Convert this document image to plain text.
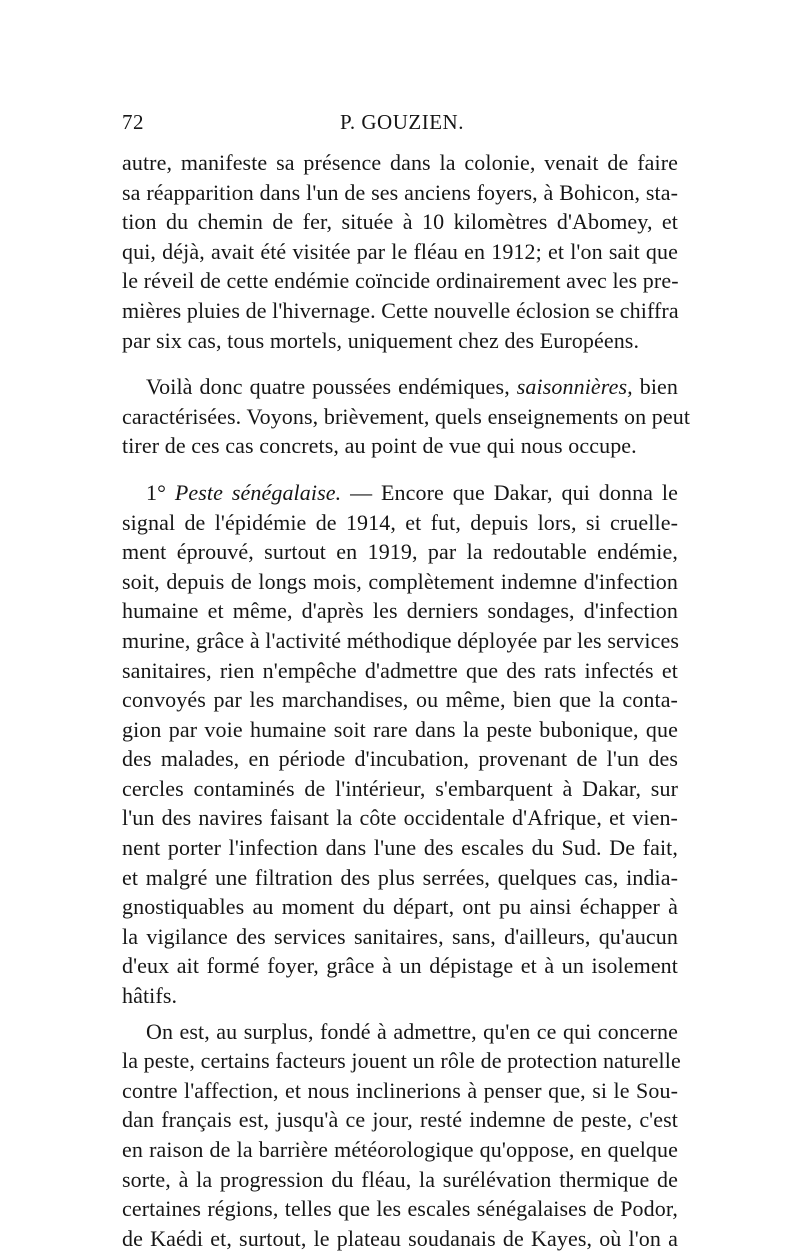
72	P. GOUZIEN.

autre, manifeste sa présence dans la colonie, venait de faire
sa réapparition dans l'un de ses anciens foyers, à Bohicon, sta-
tion du chemin de fer, située à 10 kilomètres d'Abomey, et
qui, déjà, avait été visitée par le fléau en 1912; et l'on sait que
le réveil de cette endémie coïncide ordinairement avec les pre-
mières pluies de l'hivernage. Cette nouvelle éclosion se chiffra
par six cas, tous mortels, uniquement chez des Européens.

Voilà donc quatre poussées endémiques, saisonnières, bien
caractérisées. Voyons, brièvement, quels enseignements on peut
tirer de ces cas concrets, au point de vue qui nous occupe.

1° Peste sénégalaise. — Encore que Dakar, qui donna le
signal de l'épidémie de 1914, et fut, depuis lors, si cruelle-
ment éprouvé, surtout en 1919, par la redoutable endémie,
soit, depuis de longs mois, complètement indemne d'infection
humaine et même, d'après les derniers sondages, d'infection
murine, grâce à l'activité méthodique déployée par les services
sanitaires, rien n'empêche d'admettre que des rats infectés et
convoyés par les marchandises, ou même, bien que la conta-
gion par voie humaine soit rare dans la peste bubonique, que
des malades, en période d'incubation, provenant de l'un des
cercles contaminés de l'intérieur, s'embarquent à Dakar, sur
l'un des navires faisant la côte occidentale d'Afrique, et vien-
nent porter l'infection dans l'une des escales du Sud. De fait,
et malgré une filtration des plus serrées, quelques cas, india-
gnostiquables au moment du départ, ont pu ainsi échapper à
la vigilance des services sanitaires, sans, d'ailleurs, qu'aucun
d'eux ait formé foyer, grâce à un dépistage et à un isolement
hâtifs.

On est, au surplus, fondé à admettre, qu'en ce qui concerne
la peste, certains facteurs jouent un rôle de protection naturelle
contre l'affection, et nous inclinerions à penser que, si le Sou-
dan français est, jusqu'à ce jour, resté indemne de peste, c'est
en raison de la barrière météorologique qu'oppose, en quelque
sorte, à la progression du fléau, la surélévation thermique de
certaines régions, telles que les escales sénégalaises de Podor,
de Kaédi et, surtout, le plateau soudanais de Kayes, où l'on a
